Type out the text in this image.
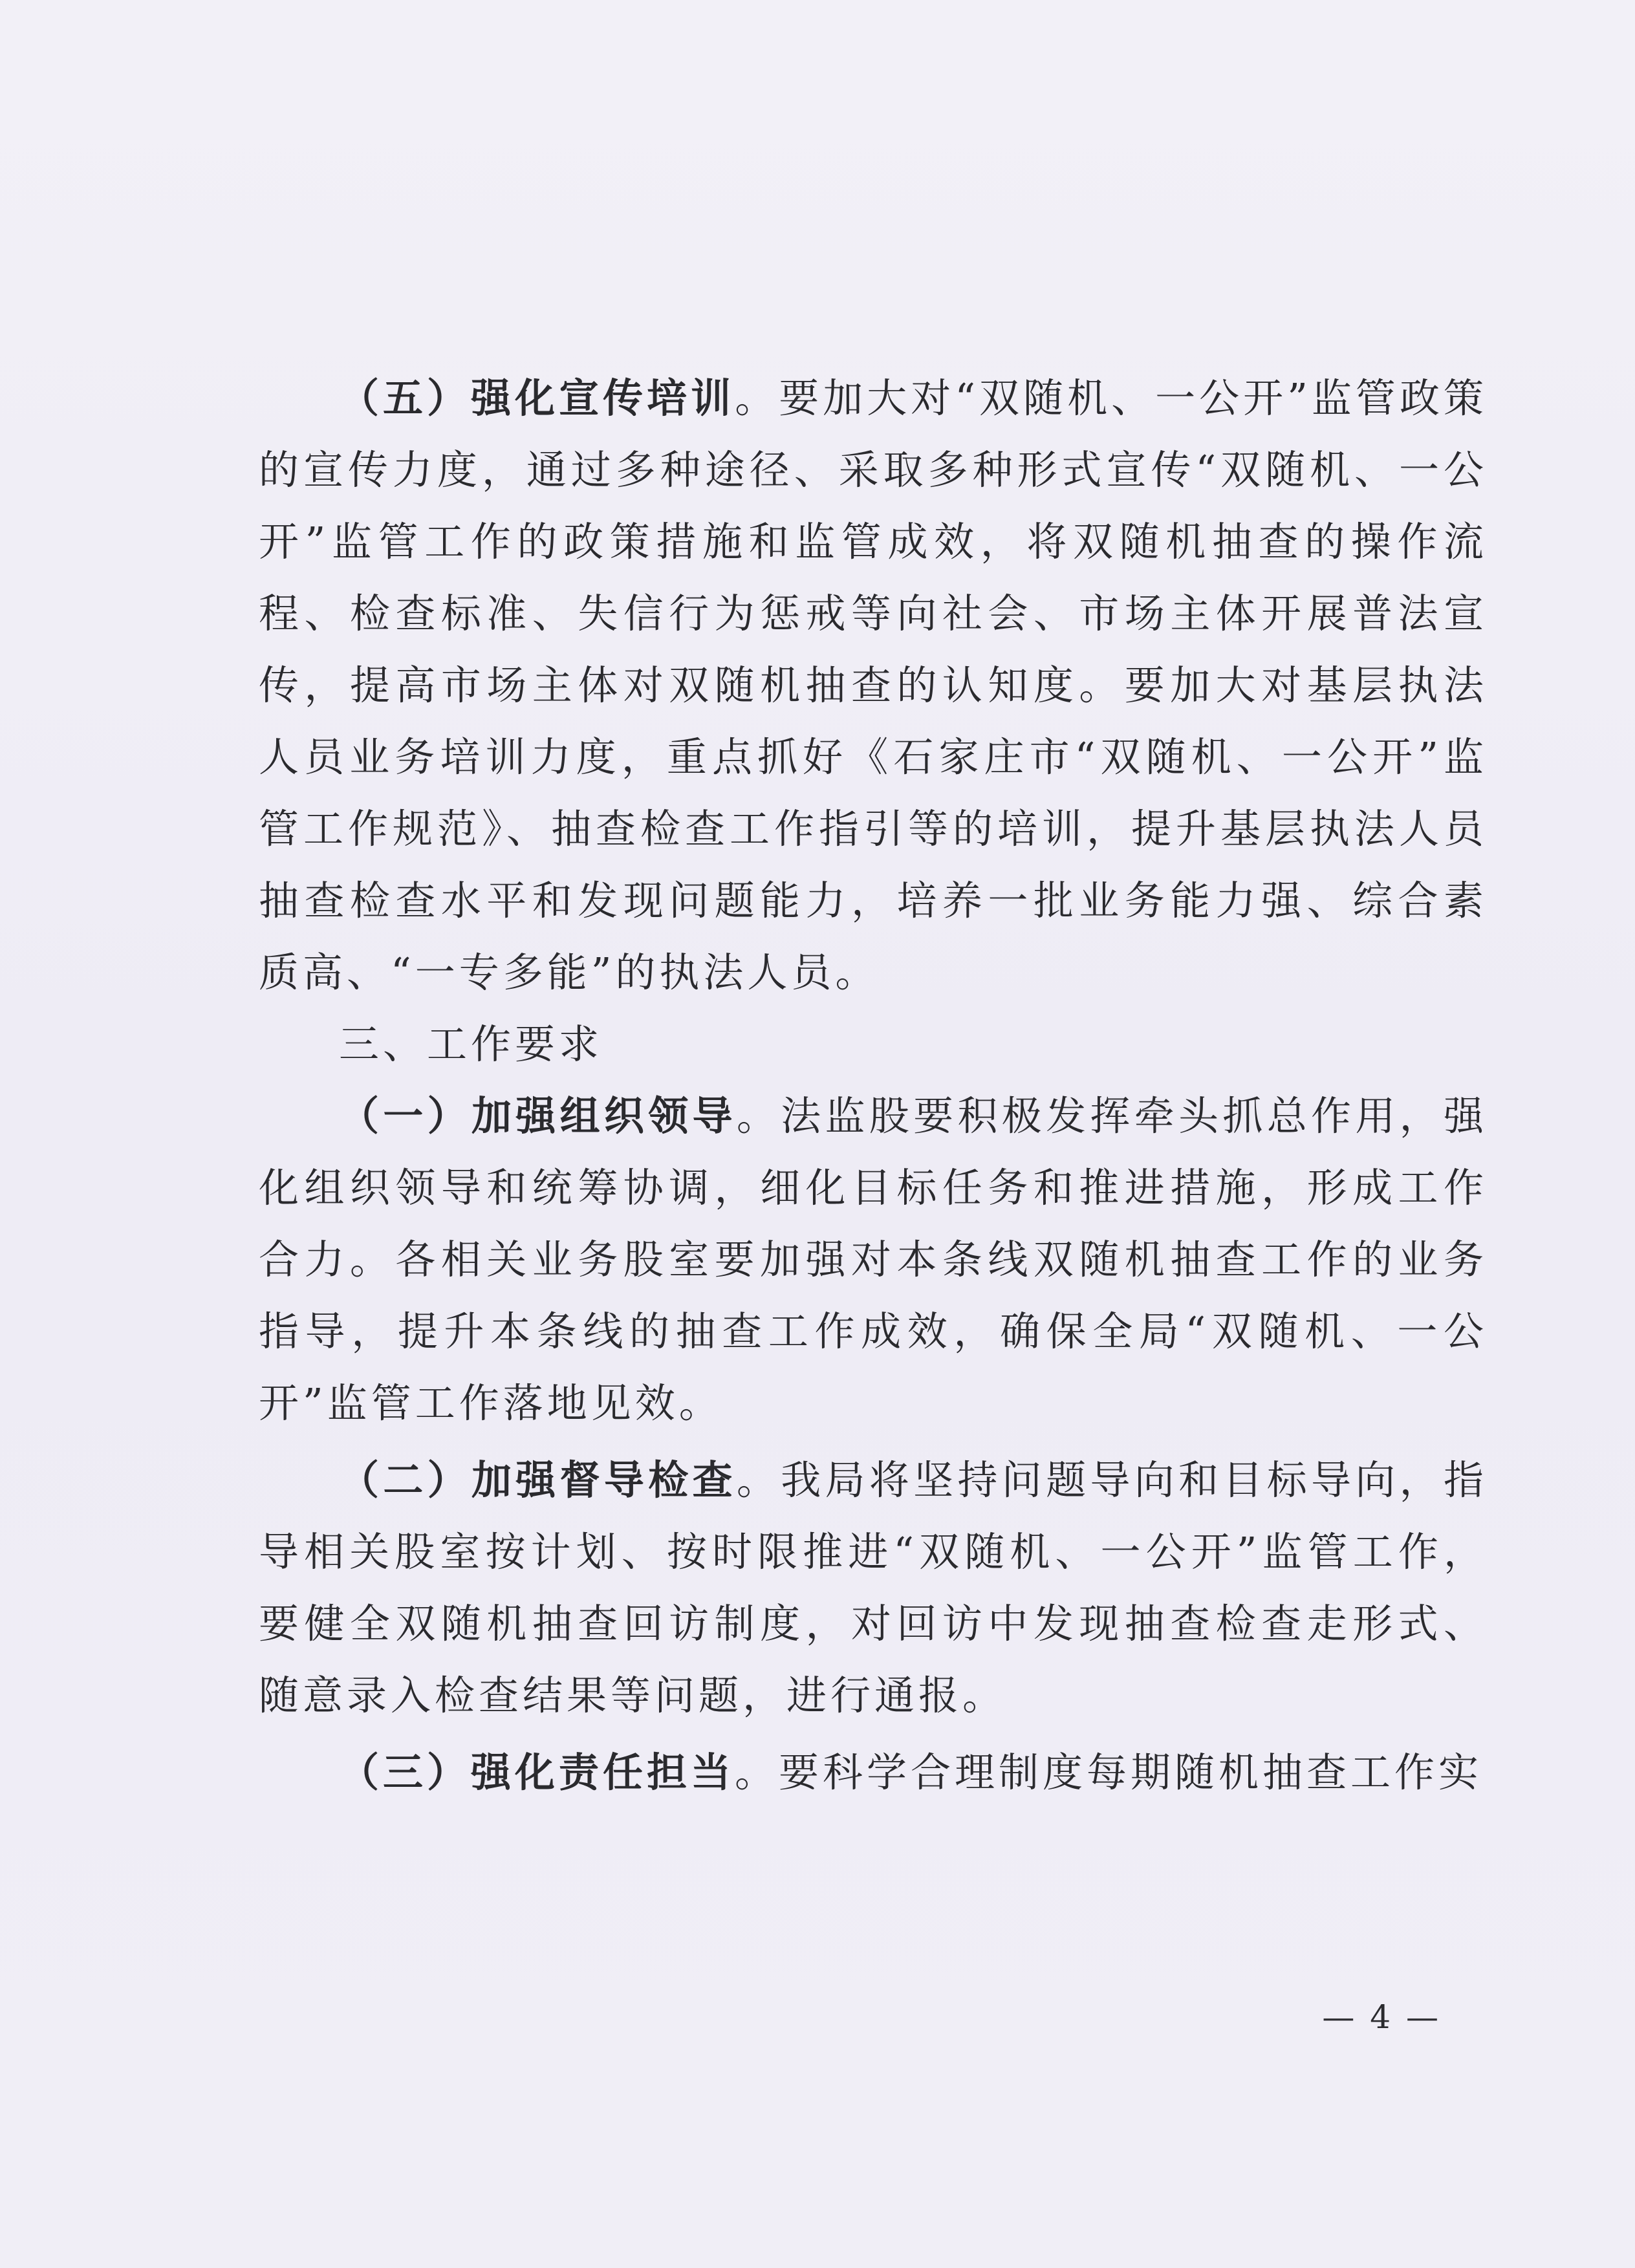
（五）强化宣传培训。要加大对“双随机、一公开”监管政策的宣传力度，通过多种途径、采取多种形式宣传“双随机、一公开”监管工作的政策措施和监管成效，将双随机抽查的操作流程、检查标准、失信行为惩戒等向社会、市场主体开展普法宣传，提高市场主体对双随机抽查的认知度。要加大对基层执法人员业务培训力度，重点抓好《石家庄市“双随机、一公开”监管工作规范》、抽查检查工作指引等的培训，提升基层执法人员抽查检查水平和发现问题能力，培养一批业务能力强、综合素质高、“一专多能”的执法人员。

三、工作要求

（一）加强组织领导。法监股要积极发挥牵头抓总作用，强化组织领导和统筹协调，细化目标任务和推进措施，形成工作合力。各相关业务股室要加强对本条线双随机抽查工作的业务指导，提升本条线的抽查工作成效，确保全局“双随机、一公开”监管工作落地见效。

（二）加强督导检查。我局将坚持问题导向和目标导向，指导相关股室按计划、按时限推进“双随机、一公开”监管工作，要健全双随机抽查回访制度，对回访中发现抽查检查走形式、随意录入检查结果等问题，进行通报。

（三）强化责任担当。要科学合理制度每期随机抽查工作实

— 4 —
